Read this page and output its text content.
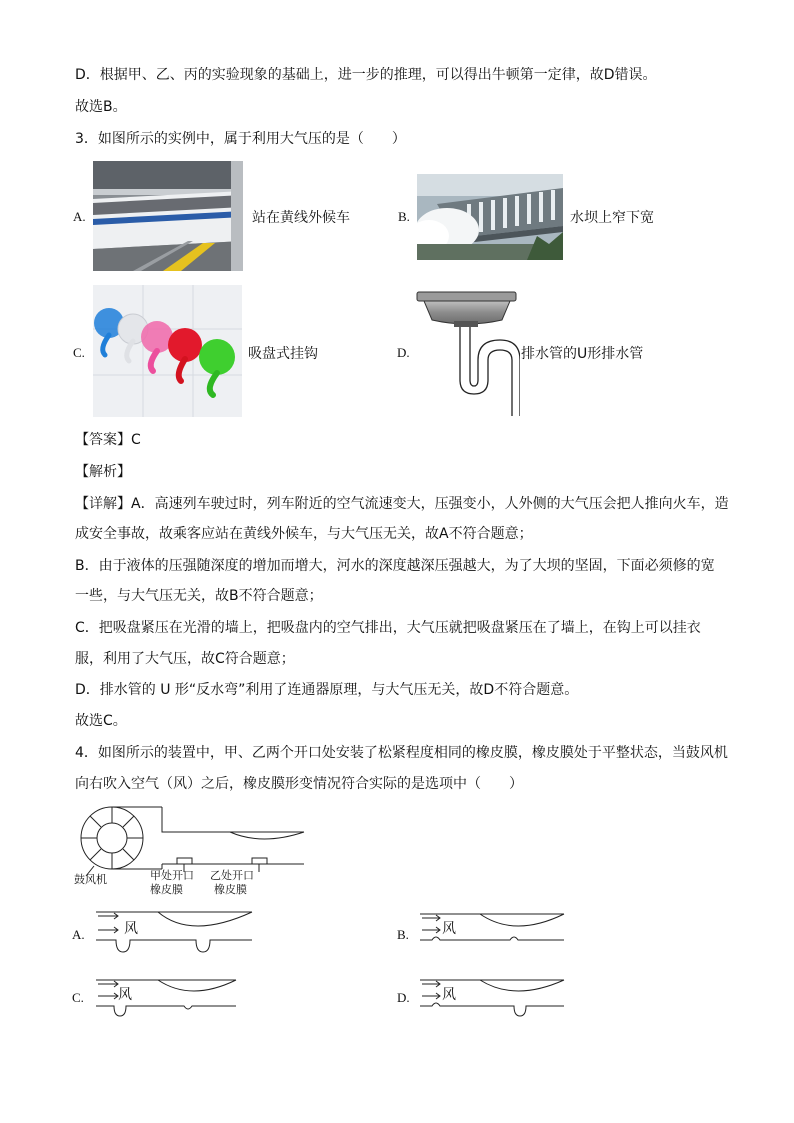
D．根据甲、乙、丙的实验现象的基础上，进一步的推理，可以得出牛顿第一定律，故D错误。
故选B。
3．如图所示的实例中，属于利用大气压的是（　　）
A.	站在黄线外候车	B.	水坝上窄下宽
C.	吸盘式挂钩	D.	排水管的U形排水管
【答案】C
【解析】
【详解】A．高速列车驶过时，列车附近的空气流速变大，压强变小，人外侧的大气压会把人推向火车，造
成安全事故，故乘客应站在黄线外候车，与大气压无关，故A不符合题意；
B．由于液体的压强随深度的增加而增大，河水的深度越深压强越大，为了大坝的坚固，下面必须修的宽
一些，与大气压无关，故B不符合题意；
C．把吸盘紧压在光滑的墙上，把吸盘内的空气排出，大气压就把吸盘紧压在了墙上，在钩上可以挂衣
服，利用了大气压，故C符合题意；
D．排水管的 U 形“反水弯”利用了连通器原理，与大气压无关，故D不符合题意。
故选C。
4．如图所示的装置中，甲、乙两个开口处安装了松紧程度相同的橡皮膜，橡皮膜处于平整状态，当鼓风机
向右吹入空气（风）之后，橡皮膜形变情况符合实际的是选项中（　　）
鼓风机	甲处开口
橡皮膜
乙处开口
橡皮膜
A.	风	B. 风
C. 风	D. 风
